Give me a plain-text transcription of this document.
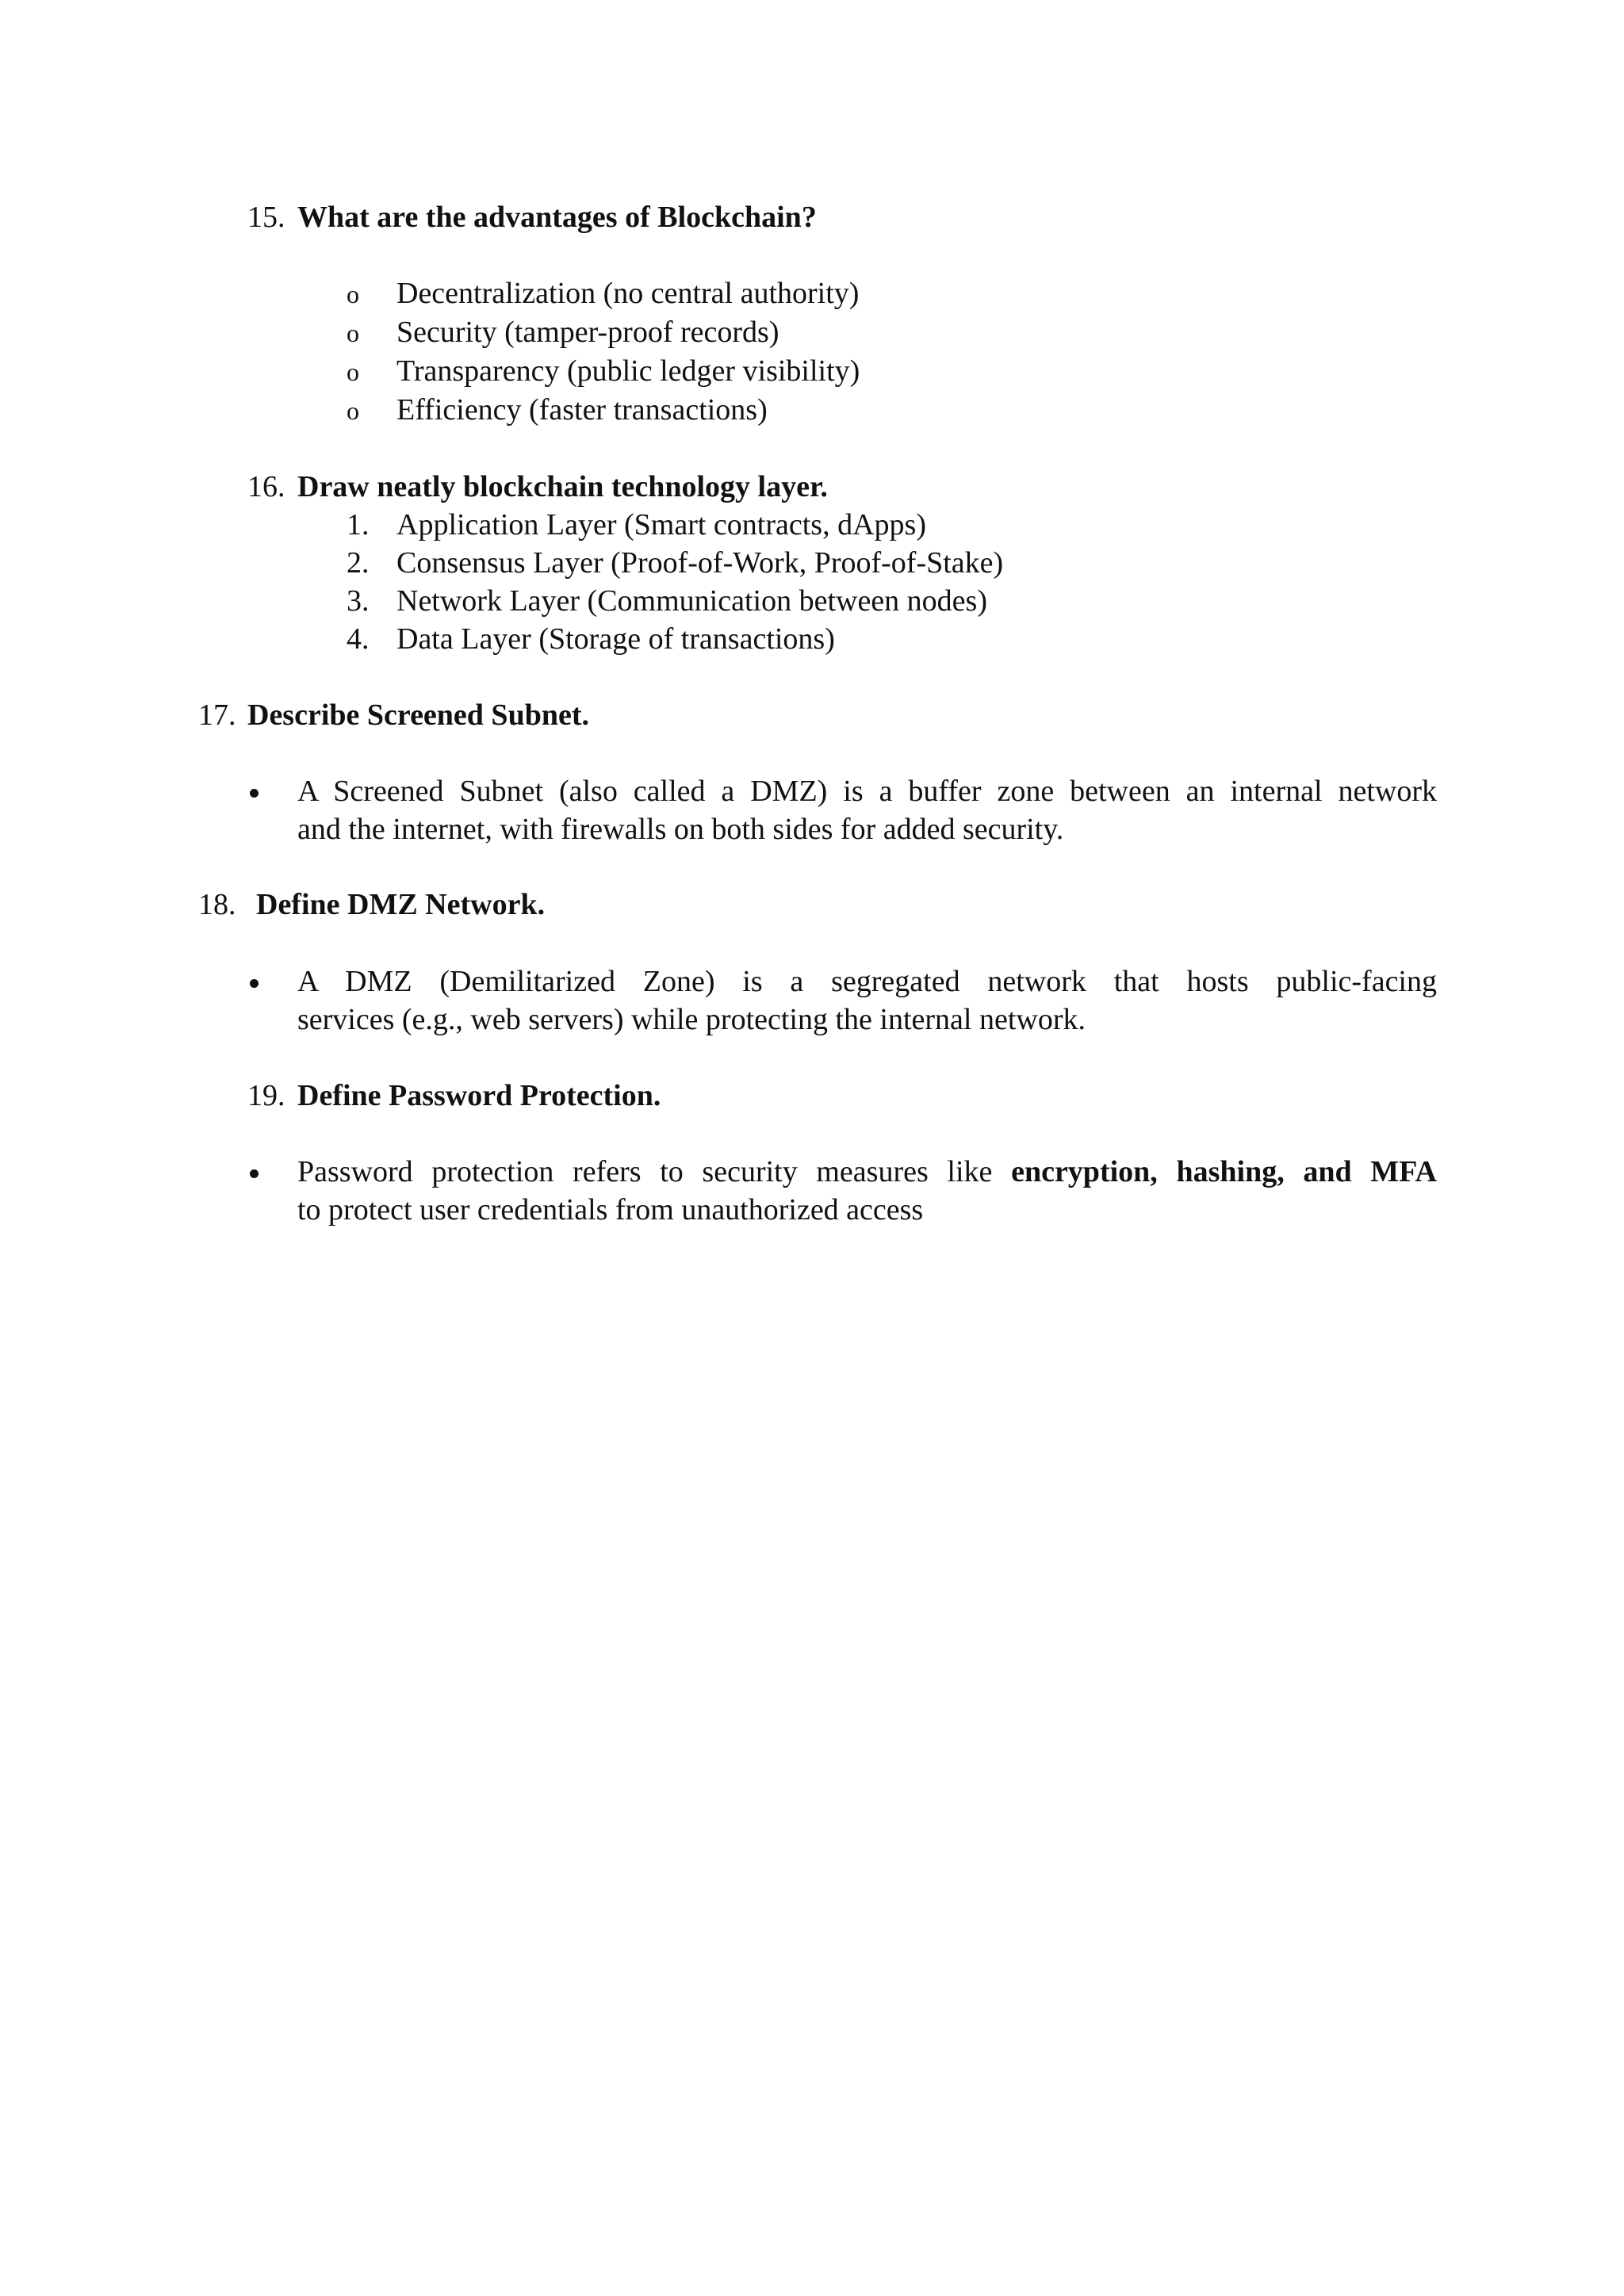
15. What are the advantages of Blockchain?
o Decentralization (no central authority)
o Security (tamper-proof records)
o Transparency (public ledger visibility)
o Efficiency (faster transactions)
16. Draw neatly blockchain technology layer.
1. Application Layer (Smart contracts, dApps)
2. Consensus Layer (Proof-of-Work, Proof-of-Stake)
3. Network Layer (Communication between nodes)
4. Data Layer (Storage of transactions)
17. Describe Screened Subnet.
A Screened Subnet (also called a DMZ) is a buffer zone between an internal network
and the internet, with firewalls on both sides for added security.
18. Define DMZ Network.
A DMZ (Demilitarized Zone) is a segregated network that hosts public-facing
services (e.g., web servers) while protecting the internal network.
19. Define Password Protection.
Password protection refers to security measures like encryption, hashing, and MFA
to protect user credentials from unauthorized access
